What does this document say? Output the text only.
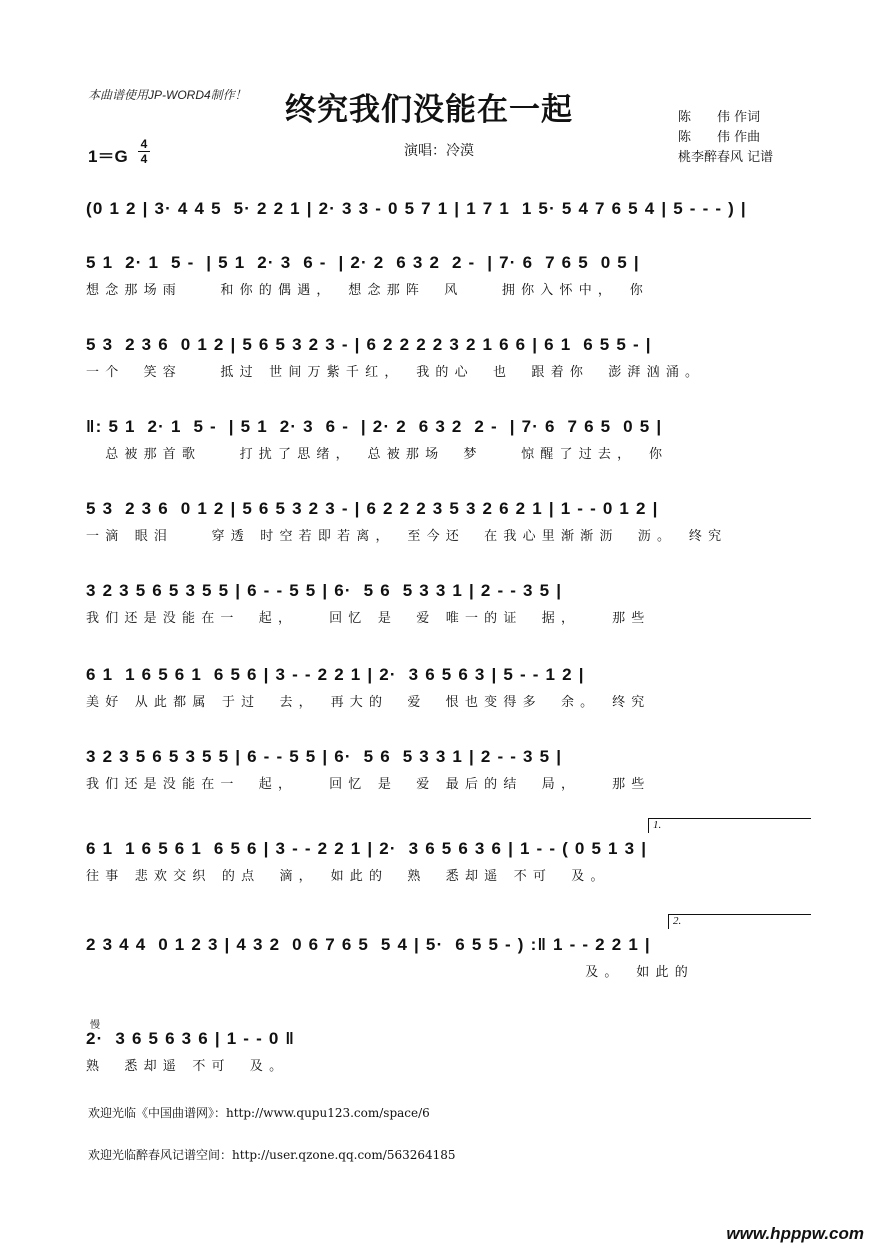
本曲谱使用JP-WORD4制作！ 终究我们没能在一起	陈　　伟 作词
陈　　伟 作曲
桃李醉春风 记谱
1＝G
4
4	演唱：冷漠
(0 1 2 | 3· 4 4 5  5· 2 2 1 | 2· 3 3 - 0 5 7 1 | 1 7 1  1 5· 5 4 7 6 5 4 | 5 - - - ) |
5 1  2· 1  5 -  | 5 1  2· 3  6 -  | 2· 2  6 3 2  2 -  | 7· 6  7 6 5  0 5 |
想念那场雨　　和你的偶遇，　想念那阵　风　　拥你入怀中，　你
5 3  2 3 6  0 1 2 | 5 6 5 3 2 3 - | 6 2 2 2 2 3 2 1 6 6 | 6 1  6 5 5 - |
一个　笑容　　抵过 世间万紫千红，　我的心　也　跟着你　澎湃汹涌。
‖: 5 1  2· 1  5 -  | 5 1  2· 3  6 -  | 2· 2  6 3 2  2 -  | 7· 6  7 6 5  0 5 |
　总被那首歌　　打扰了思绪，　总被那场　梦　　惊醒了过去，　你
5 3  2 3 6  0 1 2 | 5 6 5 3 2 3 - | 6 2 2 2 3 5 3 2 6 2 1 | 1 - - 0 1 2 |
一滴 眼泪　　穿透 时空若即若离，　至今还　在我心里渐渐沥　沥。　终究
3 2 3 5 6 5 3 5 5 | 6 - - 5 5 | 6·  5 6  5 3 3 1 | 2 - - 3 5 |
我们还是没能在一　起，　　回忆 是　爱 唯一的证　据，　　那些
6 1  1 6 5 6 1  6 5 6 | 3 - - 2 2 1 | 2·  3 6 5 6 3 | 5 - - 1 2 |
美好 从此都属 于过　去，　再大的　爱　恨也变得多　余。　终究
3 2 3 5 6 5 3 5 5 | 6 - - 5 5 | 6·  5 6  5 3 3 1 | 2 - - 3 5 |
我们还是没能在一　起，　　回忆 是　爱 最后的结　局，　　那些
1.
6 1  1 6 5 6 1  6 5 6 | 3 - - 2 2 1 | 2·  3 6 5 6 3 6 | 1 - - ( 0 5 1 3 |
往事 悲欢交织 的点　滴，　如此的　熟　悉却遥 不可　及。
2.
2 3 4 4  0 1 2 3 | 4 3 2  0 6 7 6 5  5 4 | 5·  6 5 5 - ) :‖ 1 - - 2 2 1 |
　　　　　　　　　　　　　　　　　　　　　　　　　　及。　如此的
慢
2·  3 6 5 6 3 6 | 1 - - 0 ‖
熟　悉却遥 不可　及。
欢迎光临《中国曲谱网》：http://www.qupu123.com/space/6
欢迎光临醉春风记谱空间：http://user.qzone.qq.com/563264185
www.hpppw.com
